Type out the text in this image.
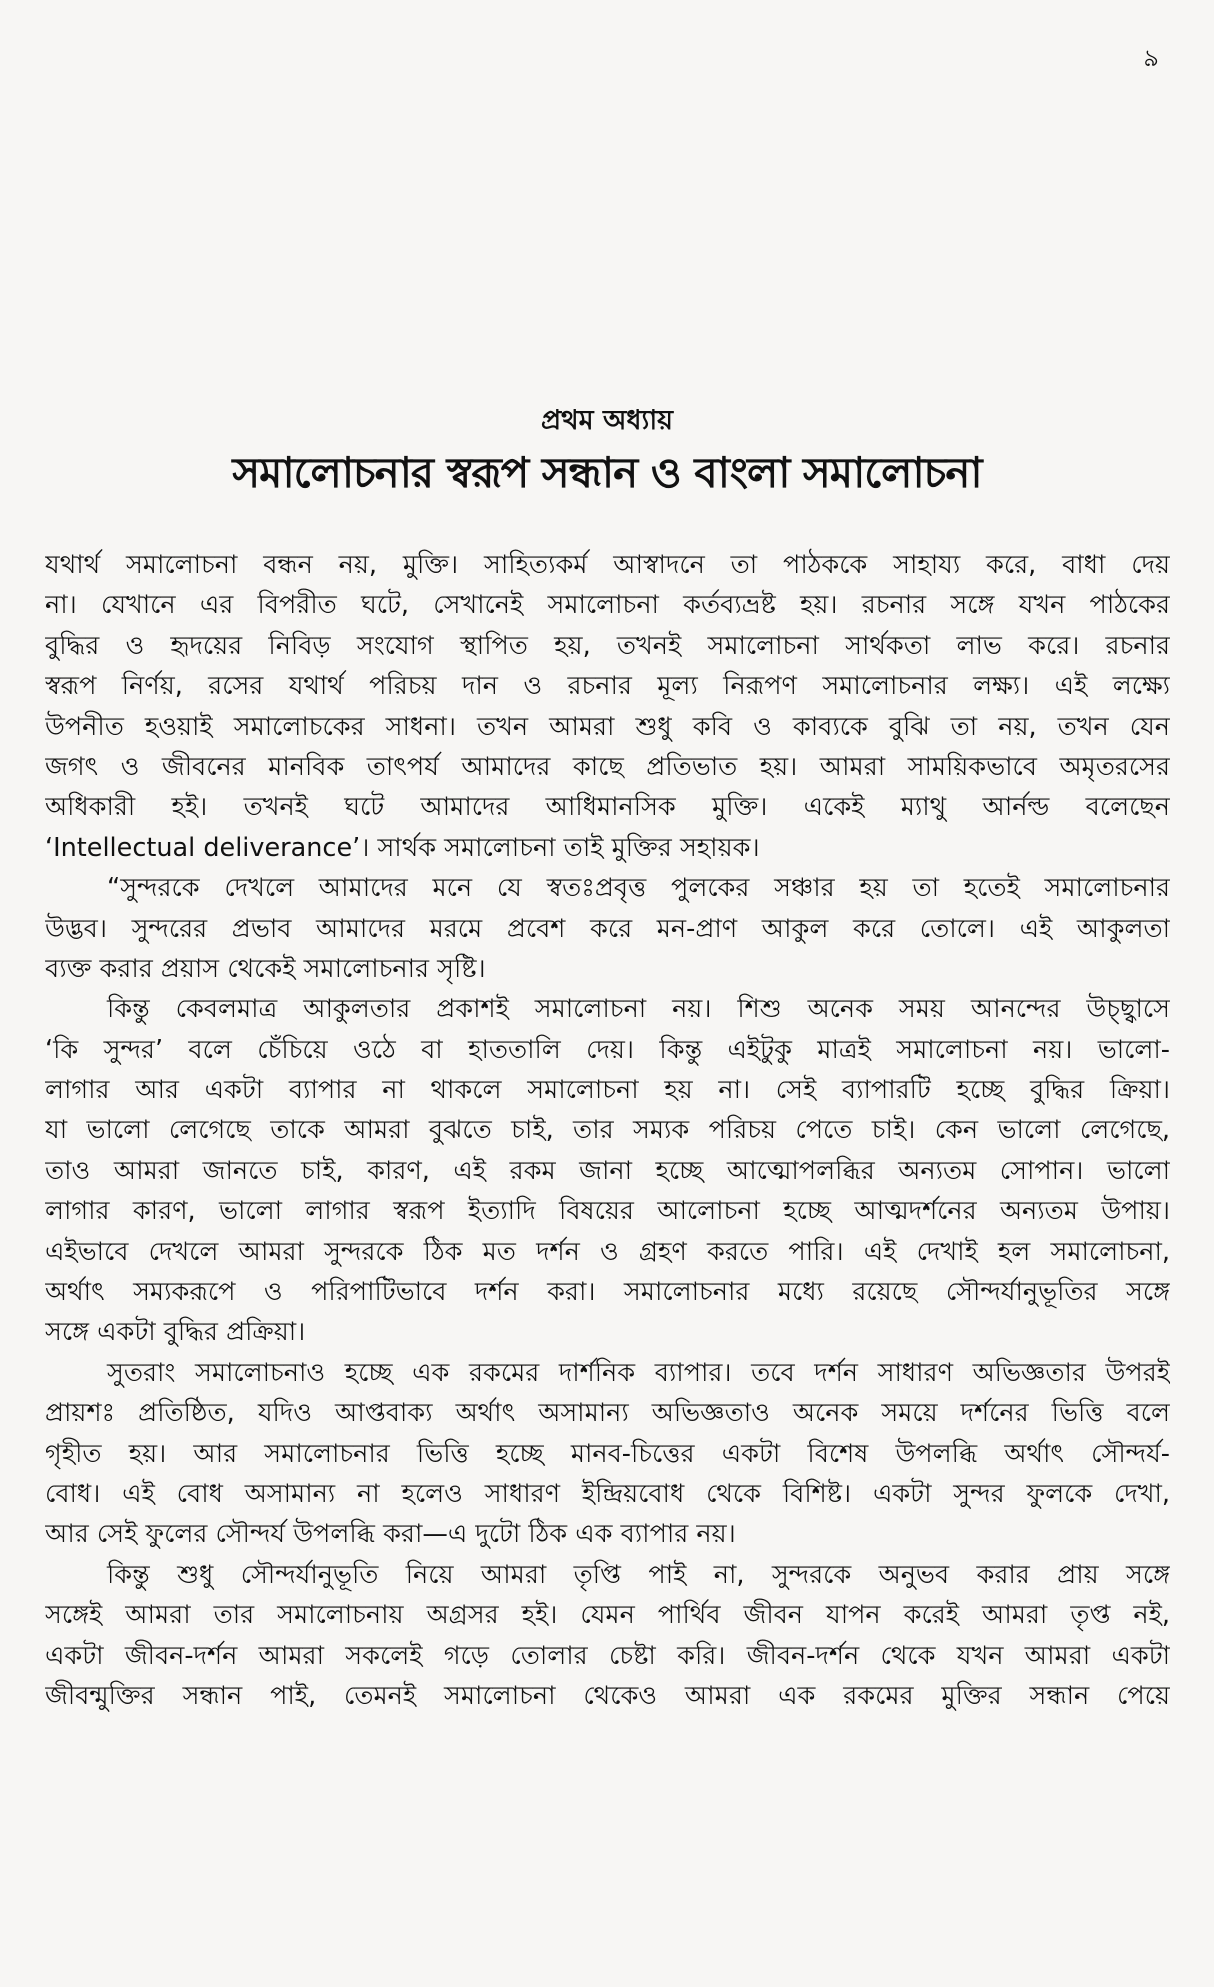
৯
প্রথম অধ্যায়
সমালোচনার স্বরূপ সন্ধান ও বাংলা সমালোচনা
যথার্থ সমালোচনা বন্ধন নয়, মুক্তি। সাহিত্যকর্ম আস্বাদনে তা পাঠককে সাহায্য করে, বাধা দেয়
না। যেখানে এর বিপরীত ঘটে, সেখানেই সমালোচনা কর্তব্যভ্রষ্ট হয়। রচনার সঙ্গে যখন পাঠকের
বুদ্ধির ও হৃদয়ের নিবিড় সংযোগ স্থাপিত হয়, তখনই সমালোচনা সার্থকতা লাভ করে। রচনার
স্বরূপ নির্ণয়, রসের যথার্থ পরিচয় দান ও রচনার মূল্য নিরূপণ সমালোচনার লক্ষ্য। এই লক্ষ্যে
উপনীত হওয়াই সমালোচকের সাধনা। তখন আমরা শুধু কবি ও কাব্যকে বুঝি তা নয়, তখন যেন
জগৎ ও জীবনের মানবিক তাৎপর্য আমাদের কাছে প্রতিভাত হয়। আমরা সাময়িকভাবে অমৃতরসের
অধিকারী হই। তখনই ঘটে আমাদের আধিমানসিক মুক্তি। একেই ম্যাথু আর্নল্ড বলেছেন
‘Intellectual deliverance’। সার্থক সমালোচনা তাই মুক্তির সহায়ক।
“সুন্দরকে দেখলে আমাদের মনে যে স্বতঃপ্রবৃত্ত পুলকের সঞ্চার হয় তা হতেই সমালোচনার
উদ্ভব। সুন্দরের প্রভাব আমাদের মরমে প্রবেশ করে মন-প্রাণ আকুল করে তোলে। এই আকুলতা
ব্যক্ত করার প্রয়াস থেকেই সমালোচনার সৃষ্টি।
কিন্তু কেবলমাত্র আকুলতার প্রকাশই সমালোচনা নয়। শিশু অনেক সময় আনন্দের উচ্ছ্বাসে
‘কি সুন্দর’ বলে চেঁচিয়ে ওঠে বা হাততালি দেয়। কিন্তু এইটুকু মাত্রই সমালোচনা নয়। ভালো-
লাগার আর একটা ব্যাপার না থাকলে সমালোচনা হয় না। সেই ব্যাপারটি হচ্ছে বুদ্ধির ক্রিয়া।
যা ভালো লেগেছে তাকে আমরা বুঝতে চাই, তার সম্যক পরিচয় পেতে চাই। কেন ভালো লেগেছে,
তাও আমরা জানতে চাই, কারণ, এই রকম জানা হচ্ছে আত্মোপলব্ধির অন্যতম সোপান। ভালো
লাগার কারণ, ভালো লাগার স্বরূপ ইত্যাদি বিষয়ের আলোচনা হচ্ছে আত্মদর্শনের অন্যতম উপায়।
এইভাবে দেখলে আমরা সুন্দরকে ঠিক মত দর্শন ও গ্রহণ করতে পারি। এই দেখাই হল সমালোচনা,
অর্থাৎ সম্যকরূপে ও পরিপাটিভাবে দর্শন করা। সমালোচনার মধ্যে রয়েছে সৌন্দর্যানুভূতির সঙ্গে
সঙ্গে একটা বুদ্ধির প্রক্রিয়া।
সুতরাং সমালোচনাও হচ্ছে এক রকমের দার্শনিক ব্যাপার। তবে দর্শন সাধারণ অভিজ্ঞতার উপরই
প্রায়শঃ প্রতিষ্ঠিত, যদিও আপ্তবাক্য অর্থাৎ অসামান্য অভিজ্ঞতাও অনেক সময়ে দর্শনের ভিত্তি বলে
গৃহীত হয়। আর সমালোচনার ভিত্তি হচ্ছে মানব-চিত্তের একটা বিশেষ উপলব্ধি অর্থাৎ সৌন্দর্য-
বোধ। এই বোধ অসামান্য না হলেও সাধারণ ইন্দ্রিয়বোধ থেকে বিশিষ্ট। একটা সুন্দর ফুলকে দেখা,
আর সেই ফুলের সৌন্দর্য উপলব্ধি করা—এ দুটো ঠিক এক ব্যাপার নয়।
কিন্তু শুধু সৌন্দর্যানুভূতি নিয়ে আমরা তৃপ্তি পাই না, সুন্দরকে অনুভব করার প্রায় সঙ্গে
সঙ্গেই আমরা তার সমালোচনায় অগ্রসর হই। যেমন পার্থিব জীবন যাপন করেই আমরা তৃপ্ত নই,
একটা জীবন-দর্শন আমরা সকলেই গড়ে তোলার চেষ্টা করি। জীবন-দর্শন থেকে যখন আমরা একটা
জীবন্মুক্তির সন্ধান পাই, তেমনই সমালোচনা থেকেও আমরা এক রকমের মুক্তির সন্ধান পেয়ে
